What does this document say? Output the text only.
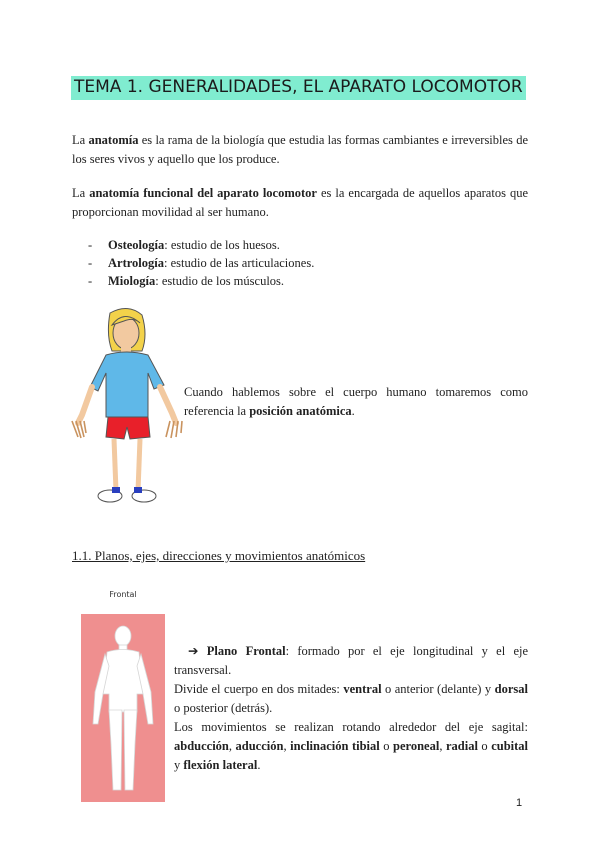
TEMA 1. GENERALIDADES, EL APARATO LOCOMOTOR

La anatomía es la rama de la biología que estudia las formas cambiantes e irreversibles de los seres vivos y aquello que los produce.

La anatomía funcional del aparato locomotor es la encargada de aquellos aparatos que proporcionan movilidad al ser humano.

- Osteología: estudio de los huesos.
- Artrología: estudio de las articulaciones.
- Miología: estudio de los músculos.

Cuando hablemos sobre el cuerpo humano tomaremos como referencia la posición anatómica.

1.1. Planos, ejes, direcciones y movimientos anatómicos
Frontal

➔ Plano Frontal: formado por el eje longitudinal y el eje transversal.
Divide el cuerpo en dos mitades: ventral o anterior (delante) y dorsal o posterior (detrás).
Los movimientos se realizan rotando alrededor del eje sagital: abducción, aducción, inclinación tibial o peroneal, radial o cubital y flexión lateral.

1
